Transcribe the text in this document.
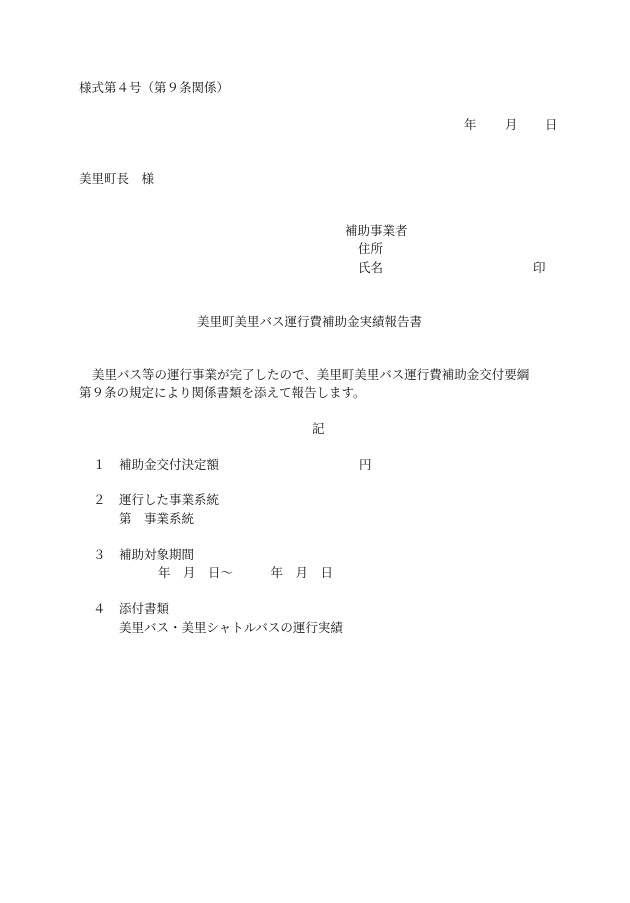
様式第４号（第９条関係）
年 月 日
美里町長　様
補助事業者
住所
氏名	印
美里町美里バス運行費補助金実績報告書
美里バス等の運行事業が完了したので、美里町美里バス運行費補助金交付要綱
第９条の規定により関係書類を添えて報告します。
記
１ 補助金交付決定額	円
２ 運行した事業系統
第　事業系統
３ 補助対象期間
年　月　日～　　　年　月　日
４ 添付書類
美里バス・美里シャトルバスの運行実績
